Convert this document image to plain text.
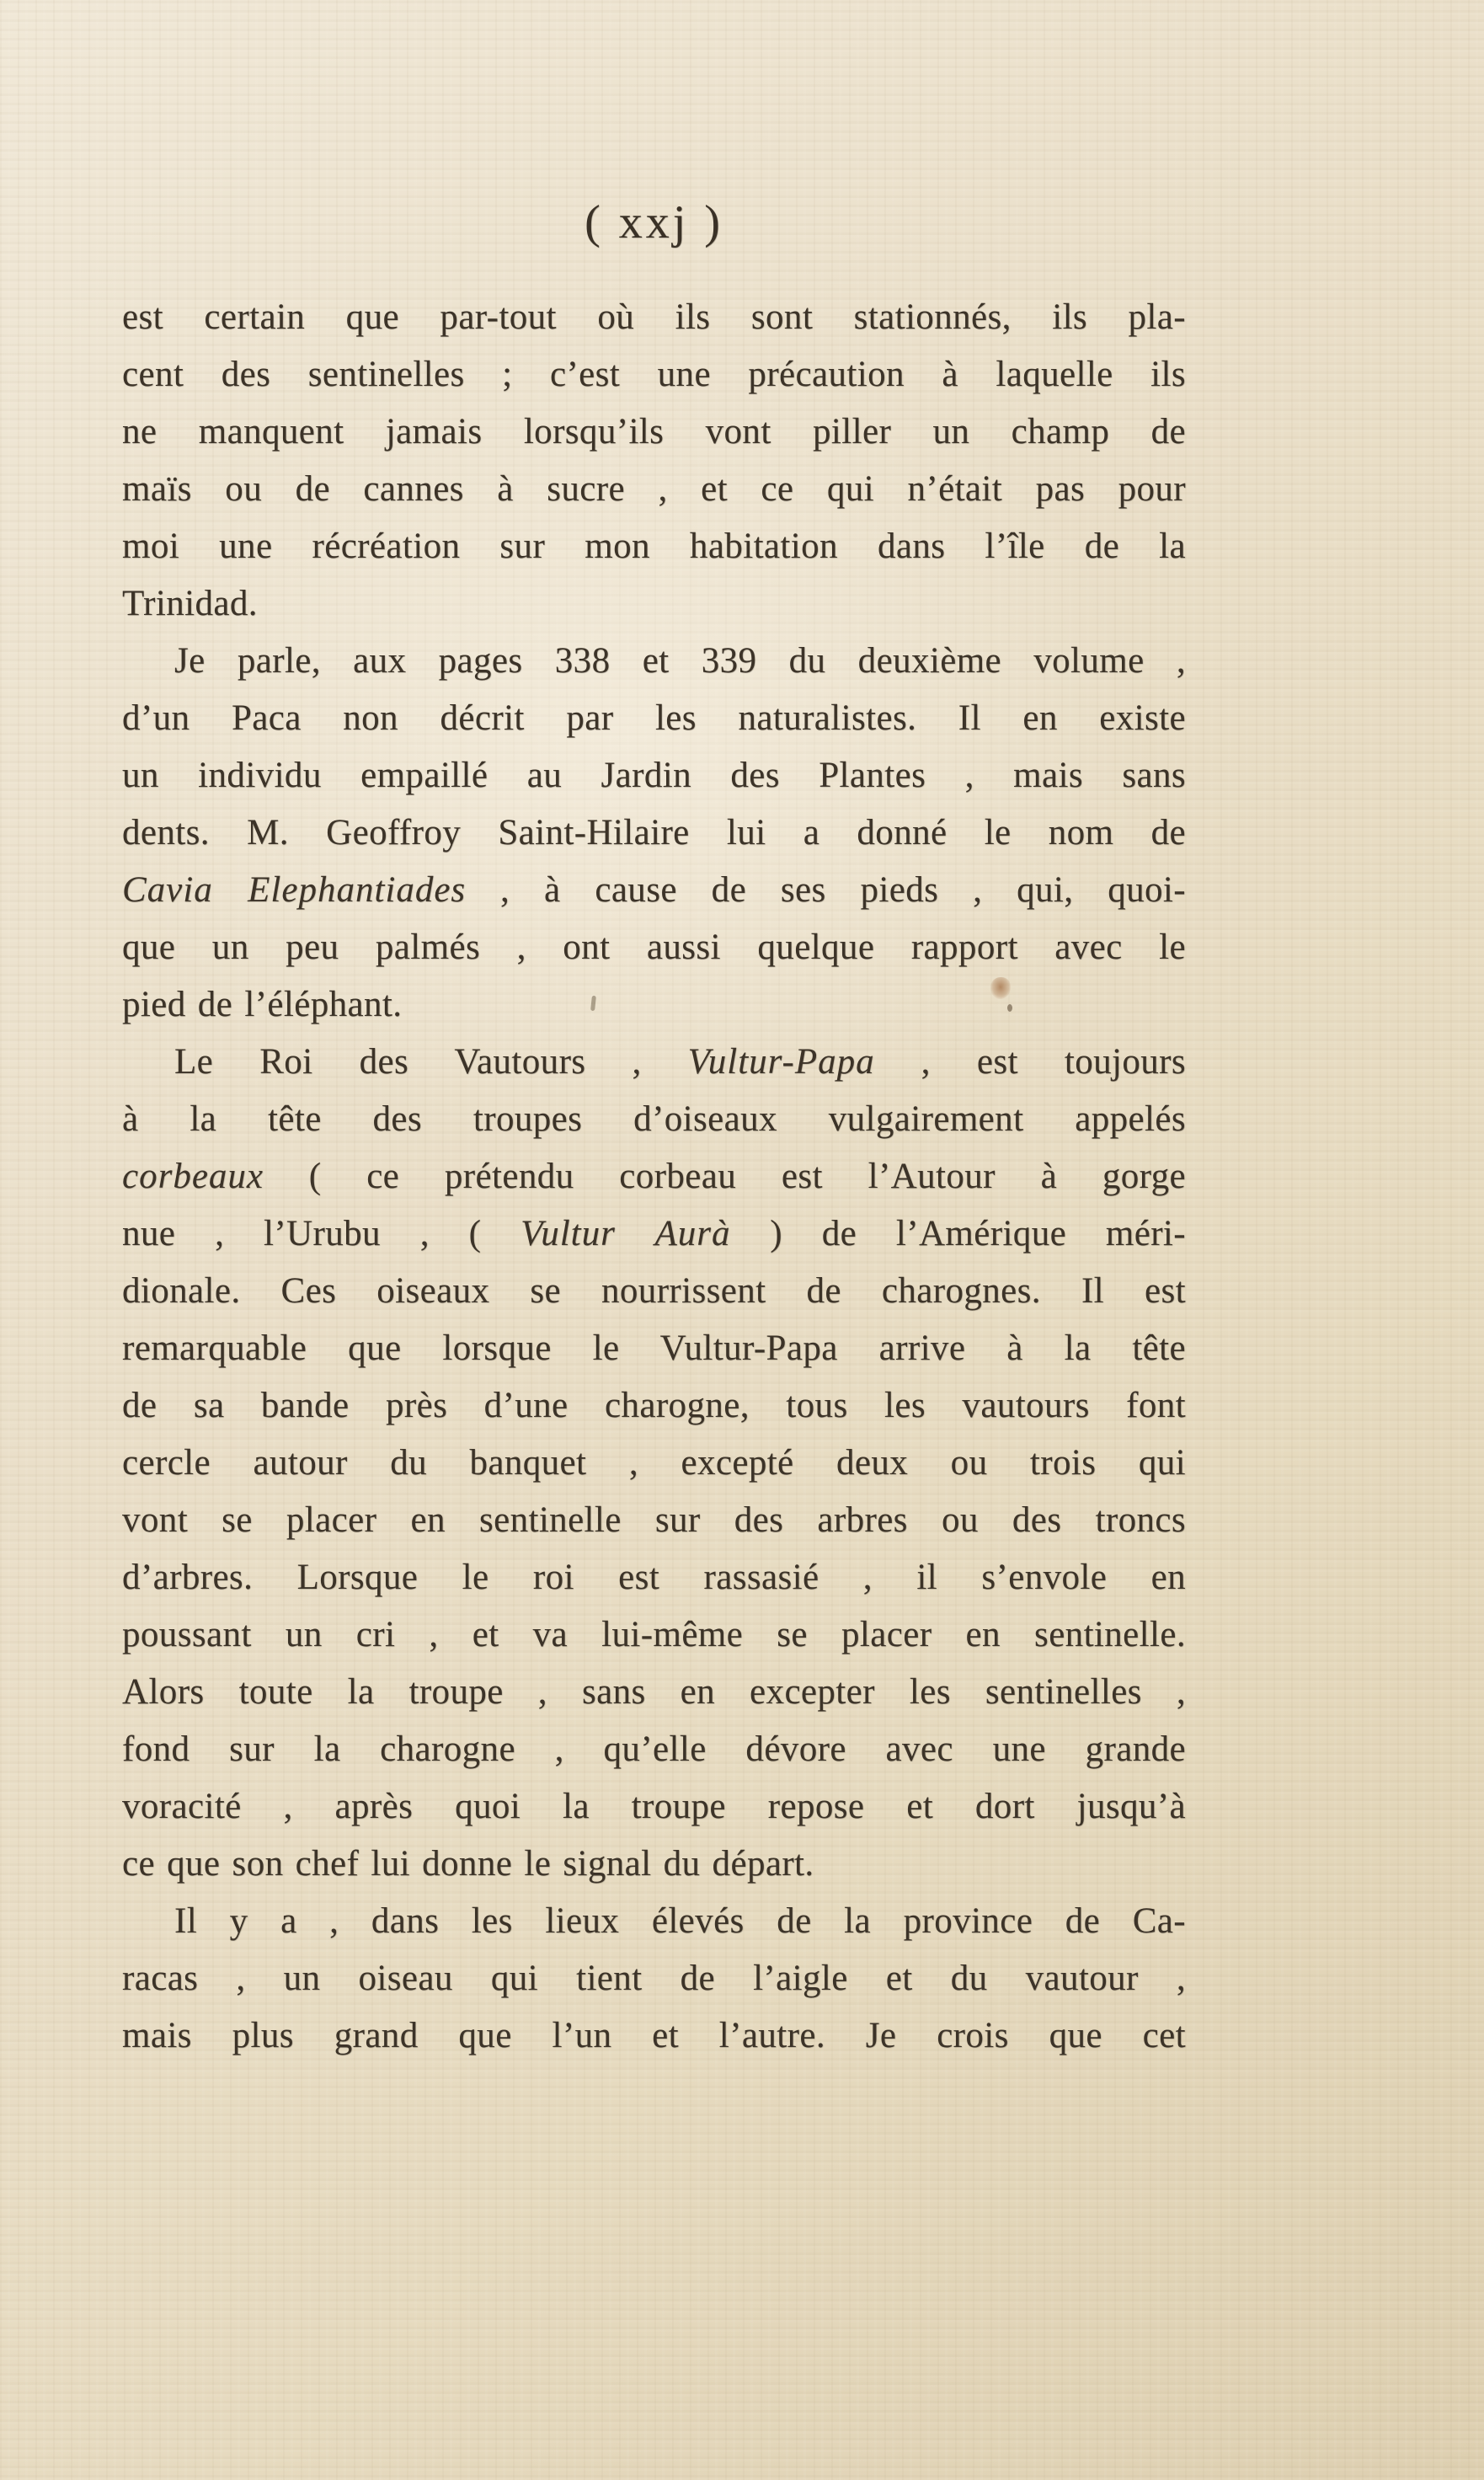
( xxj )
est certain que par-tout où ils sont stationnés, ils pla-
cent des sentinelles ; c’est une précaution à laquelle ils
ne manquent jamais lorsqu’ils vont piller un champ de
maïs ou de cannes à sucre , et ce qui n’était pas pour
moi une récréation sur mon habitation dans l’île de la
Trinidad.
Je parle, aux pages 338 et 339 du deuxième volume ,
d’un Paca non décrit par les naturalistes. Il en existe
un individu empaillé au Jardin des Plantes , mais sans
dents. M. Geoffroy Saint-Hilaire lui a donné le nom de
Cavia Elephantiades , à cause de ses pieds , qui, quoi-
que un peu palmés , ont aussi quelque rapport avec le
pied de l’éléphant.
Le Roi des Vautours , Vultur-Papa , est toujours
à la tête des troupes d’oiseaux vulgairement appelés
corbeaux ( ce prétendu corbeau est l’Autour à gorge
nue , l’Urubu , ( Vultur Aurà ) de l’Amérique méri-
dionale. Ces oiseaux se nourrissent de charognes. Il est
remarquable que lorsque le Vultur-Papa arrive à la tête
de sa bande près d’une charogne, tous les vautours font
cercle autour du banquet , excepté deux ou trois qui
vont se placer en sentinelle sur des arbres ou des troncs
d’arbres. Lorsque le roi est rassasié , il s’envole en
poussant un cri , et va lui-même se placer en sentinelle.
Alors toute la troupe , sans en excepter les sentinelles ,
fond sur la charogne , qu’elle dévore avec une grande
voracité , après quoi la troupe repose et dort jusqu’à
ce que son chef lui donne le signal du départ.
Il y a , dans les lieux élevés de la province de Ca-
racas , un oiseau qui tient de l’aigle et du vautour ,
mais plus grand que l’un et l’autre. Je crois que cet
